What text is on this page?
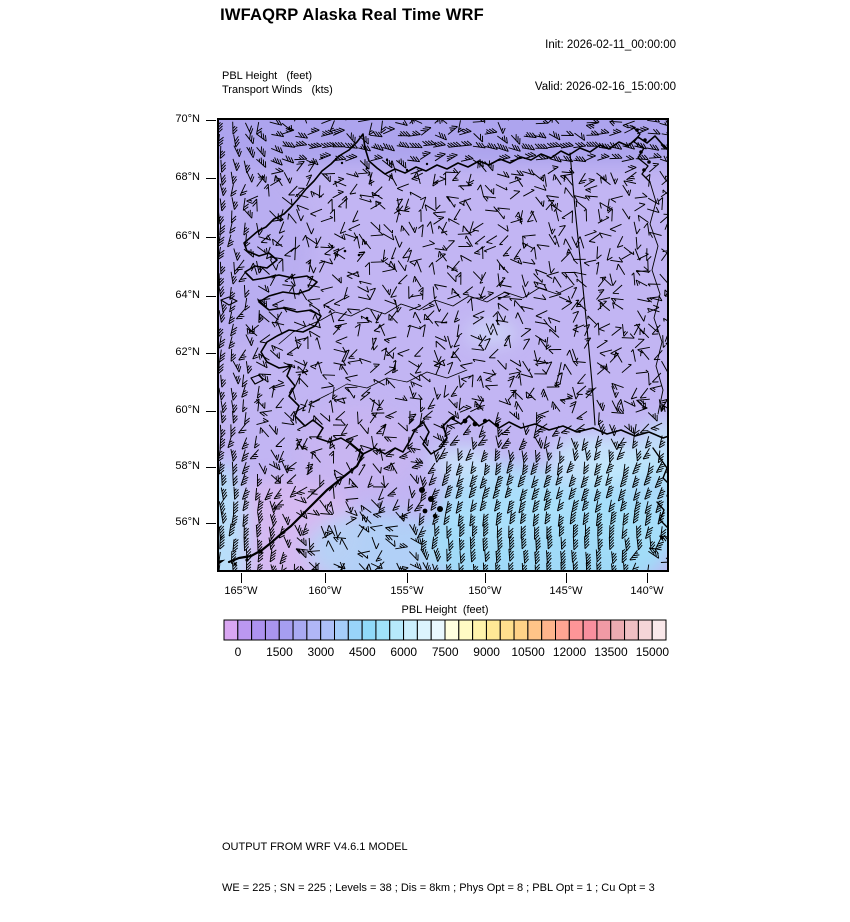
IWFAQRP Alaska Real Time WRF

Init: 2026-02-11_00:00:00

Valid: 2026-02-16_15:00:00

PBL Height   (feet)
Transport Winds   (kts)
70°N
68°N
66°N
64°N
62°N
60°N
58°N
56°N
165°W	160°W	155°W	150°W	145°W	140°W
PBL Height  (feet)
0	1500	3000	4500	6000	7500	9000 10500 12000 13500 15000

OUTPUT FROM WRF V4.6.1 MODEL

WE = 225 ; SN = 225 ; Levels = 38 ; Dis = 8km ; Phys Opt = 8 ; PBL Opt = 1 ; Cu Opt = 3
